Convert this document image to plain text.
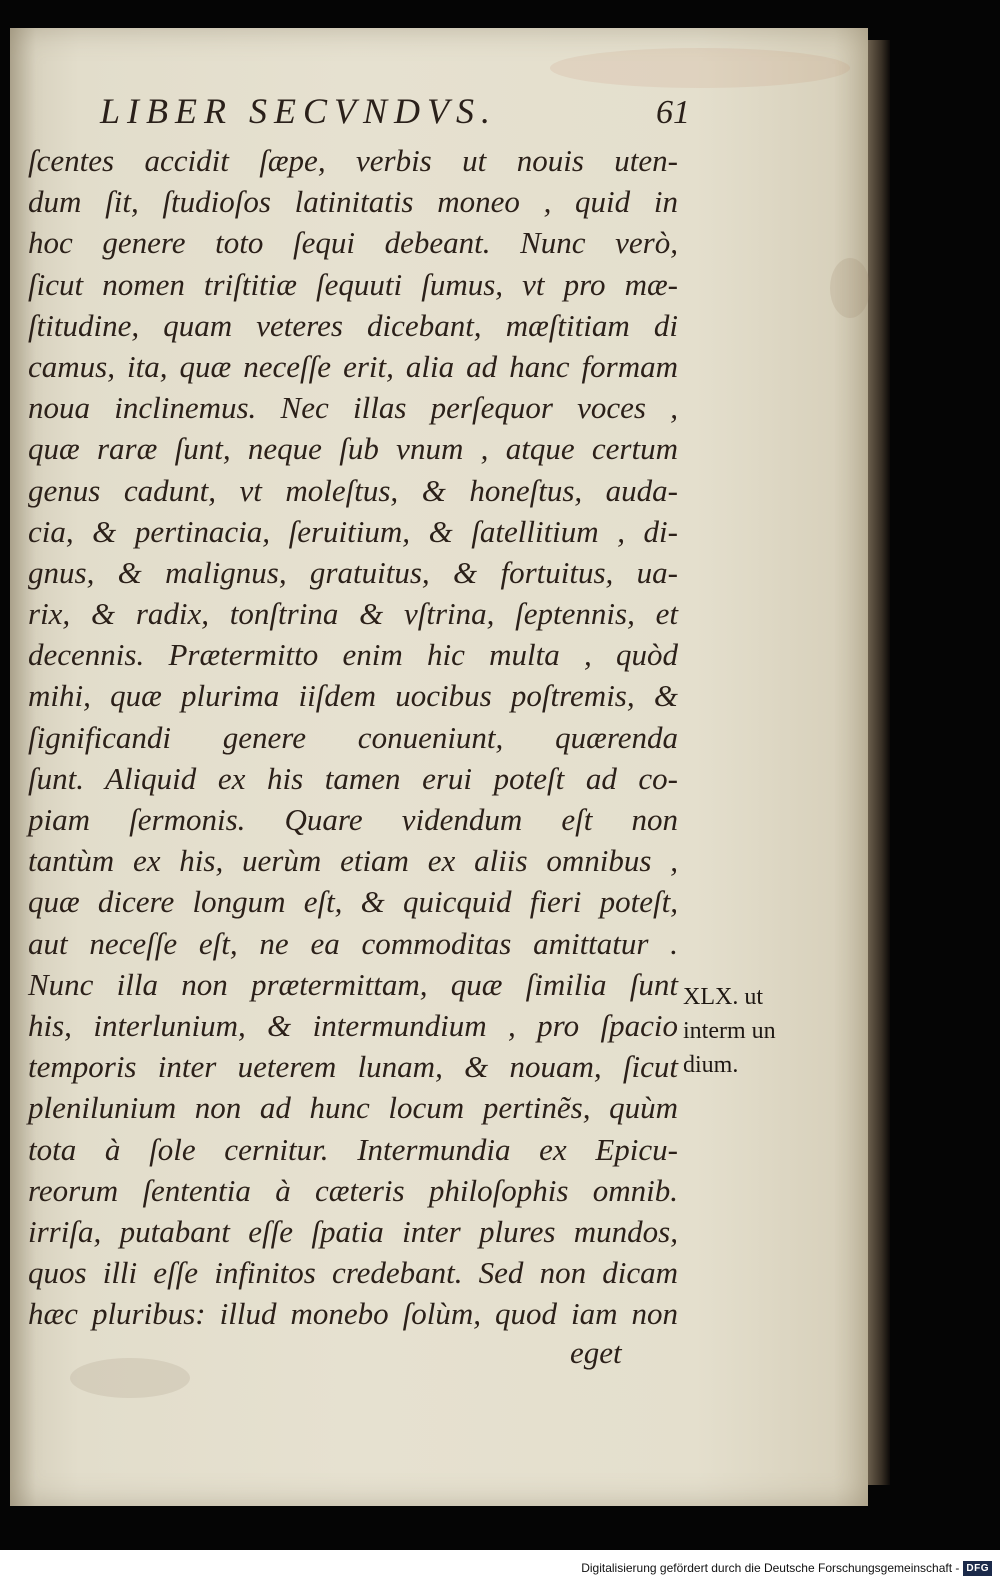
LIBER SECVNDVS.	61
ſcentes accidit ſæpe, verbis ut nouis uten-
dum ſit, ſtudioſos latinitatis moneo , quid in
hoc genere toto ſequi debeant. Nunc verò,
ſicut nomen triſtitiæ ſequuti ſumus, vt pro mæ-
ſtitudine, quam veteres dicebant, mæſtitiam di
camus, ita, quæ neceſſe erit, alia ad hanc formam
noua inclinemus. Nec illas perſequor voces ,
quæ raræ ſunt, neque ſub vnum , atque certum
genus cadunt, vt moleſtus, & honeſtus, auda-
cia, & pertinacia, ſeruitium, & ſatellitium , di-
gnus, & malignus, gratuitus, & fortuitus, ua-
rix, & radix, tonſtrina & vſtrina, ſeptennis, et
decennis. Prætermitto enim hic multa , quòd
mihi, quæ plurima iiſdem uocibus poſtremis, &
ſignificandi genere conueniunt, quærenda
ſunt. Aliquid ex his tamen erui poteſt ad co-
piam ſermonis. Quare videndum eſt non
tantùm ex his, uerùm etiam ex aliis omnibus ,
quæ dicere longum eſt, & quicquid fieri poteſt,
aut neceſſe eſt, ne ea commoditas amittatur .
Nunc illa non prætermittam, quæ ſimilia ſunt
his, interlunium, & intermundium , pro ſpacio
temporis inter ueterem lunam, & nouam, ſicut
plenilunium non ad hunc locum pertinẽs, quùm
tota à ſole cernitur. Intermundia ex Epicu-
reorum ſententia à cæteris philoſophis omnib.
irriſa, putabant eſſe ſpatia inter plures mundos,
quos illi eſſe infinitos credebant. Sed non dicam
hæc pluribus: illud monebo ſolùm, quod iam non
eget
XLX. ut
interm un
dium.
Digitalisierung gefördert durch die Deutsche Forschungsgemeinschaft - DFG
